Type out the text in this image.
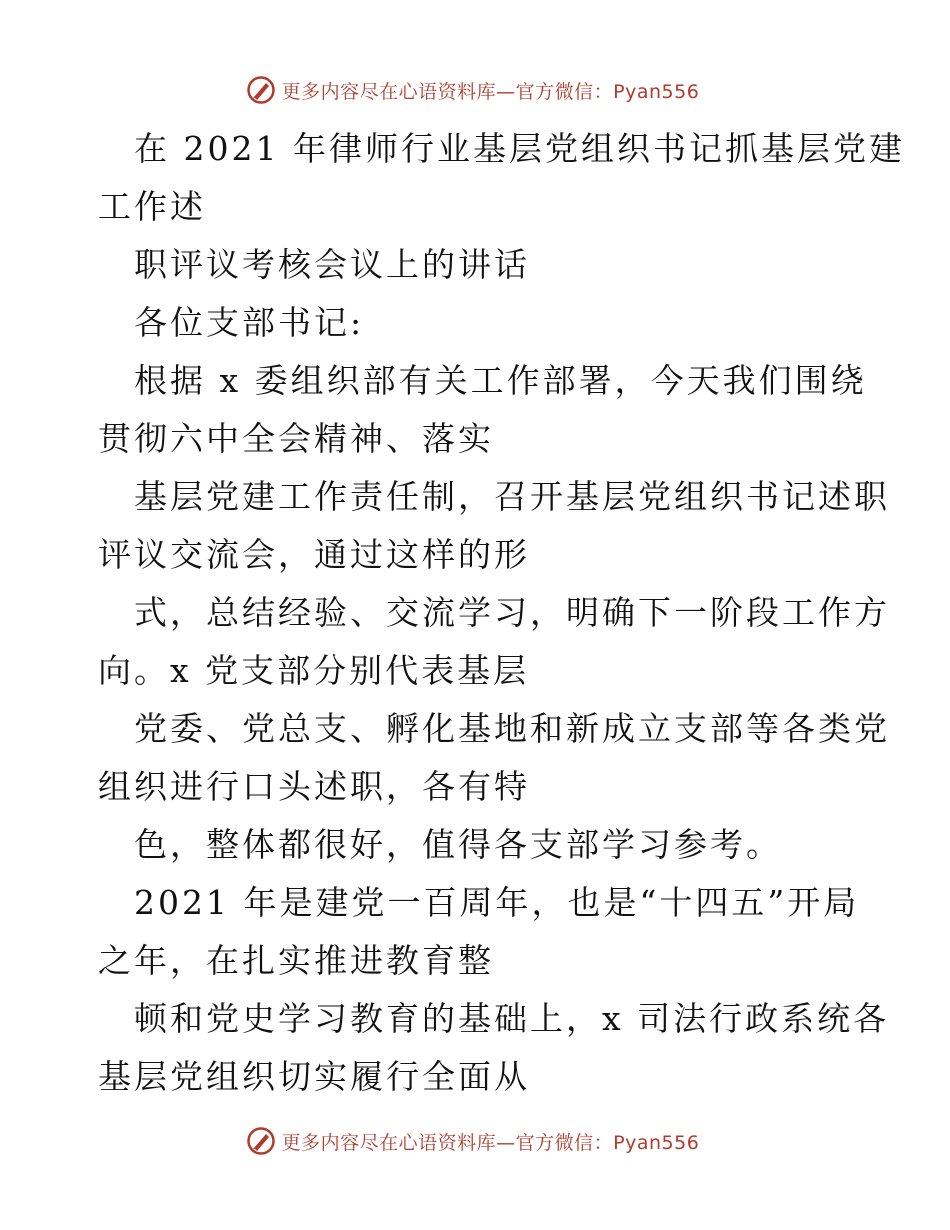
更多内容尽在心语资料库—官方微信：Pyan556

在 2021 年律师行业基层党组织书记抓基层党建
工作述

职评议考核会议上的讲话

各位支部书记:

根据 x 委组织部有关工作部署，今天我们围绕
贯彻六中全会精神、落实

基层党建工作责任制，召开基层党组织书记述职
评议交流会，通过这样的形

式，总结经验、交流学习，明确下一阶段工作方
向。x 党支部分别代表基层

党委、党总支、孵化基地和新成立支部等各类党
组织进行口头述职，各有特

色，整体都很好，值得各支部学习参考。

2021 年是建党一百周年，也是“十四五”开局
之年，在扎实推进教育整

顿和党史学习教育的基础上，x 司法行政系统各
基层党组织切实履行全面从

更多内容尽在心语资料库—官方微信：Pyan556
